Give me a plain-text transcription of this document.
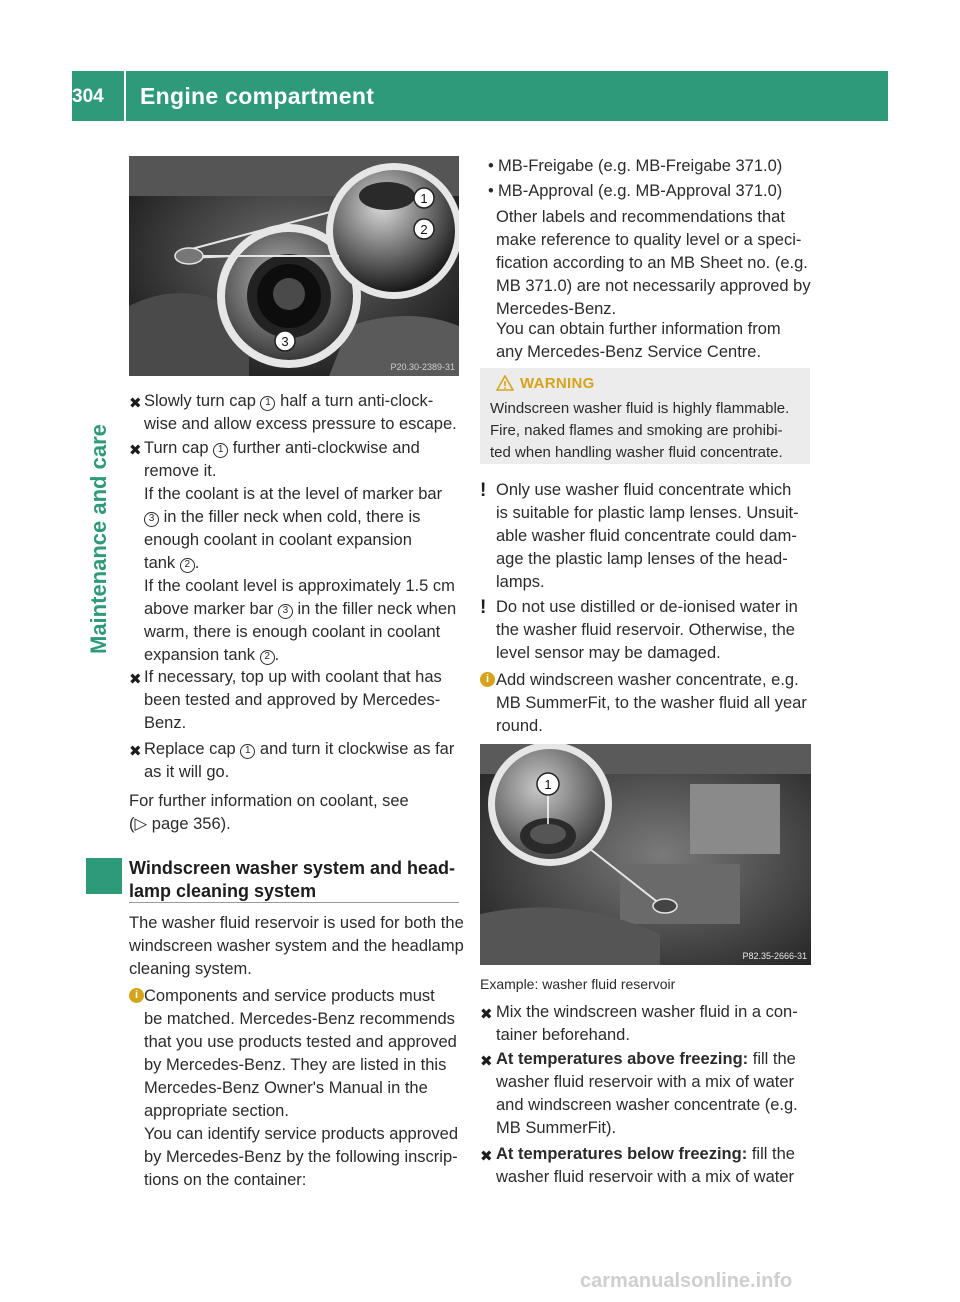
304	Engine compartment
Maintenance and care
1
2
3
P20.30-2389-31
✖ Slowly turn cap 1 half a turn anti-clock-
wise and allow excess pressure to escape.
✖ Turn cap 1 further anti-clockwise and
remove it.
If the coolant is at the level of marker bar
3 in the filler neck when cold, there is
enough coolant in coolant expansion
tank 2 .
If the coolant level is approximately 1.5 cm
above marker bar 3 in the filler neck when
warm, there is enough coolant in coolant
expansion tank 2 .
✖ If necessary, top up with coolant that has
been tested and approved by Mercedes-
Benz.
✖ Replace cap 1 and turn it clockwise as far
as it will go.
For further information on coolant, see
(▷ page 356).
Windscreen washer system and head-
lamp cleaning system
The washer fluid reservoir is used for both the
windscreen washer system and the headlamp
cleaning system.
i Components and service products must
be matched. Mercedes-Benz recommends
that you use products tested and approved
by Mercedes-Benz. They are listed in this
Mercedes-Benz Owner's Manual in the
appropriate section.
You can identify service products approved
by Mercedes-Benz by the following inscrip-
tions on the container:
• MB-Freigabe (e.g. MB-Freigabe 371.0)
• MB-Approval (e.g. MB-Approval 371.0)
Other labels and recommendations that
make reference to quality level or a speci-
fication according to an MB Sheet no. (e.g.
MB 371.0) are not necessarily approved by
Mercedes-Benz.
You can obtain further information from
any Mercedes-Benz Service Centre.
WARNING
Windscreen washer fluid is highly flammable.
Fire, naked flames and smoking are prohibi-
ted when handling washer fluid concentrate.
! Only use washer fluid concentrate which
is suitable for plastic lamp lenses. Unsuit-
able washer fluid concentrate could dam-
age the plastic lamp lenses of the head-
lamps.
! Do not use distilled or de-ionised water in
the washer fluid reservoir. Otherwise, the
level sensor may be damaged.
i Add windscreen washer concentrate, e.g.
MB SummerFit, to the washer fluid all year
round.
1
P82.35-2666-31
Example: washer fluid reservoir
✖ Mix the windscreen washer fluid in a con-
tainer beforehand.
✖ At temperatures above freezing: fill the
washer fluid reservoir with a mix of water
and windscreen washer concentrate (e.g.
MB SummerFit).
✖ At temperatures below freezing: fill the
washer fluid reservoir with a mix of water
carmanualsonline.info
